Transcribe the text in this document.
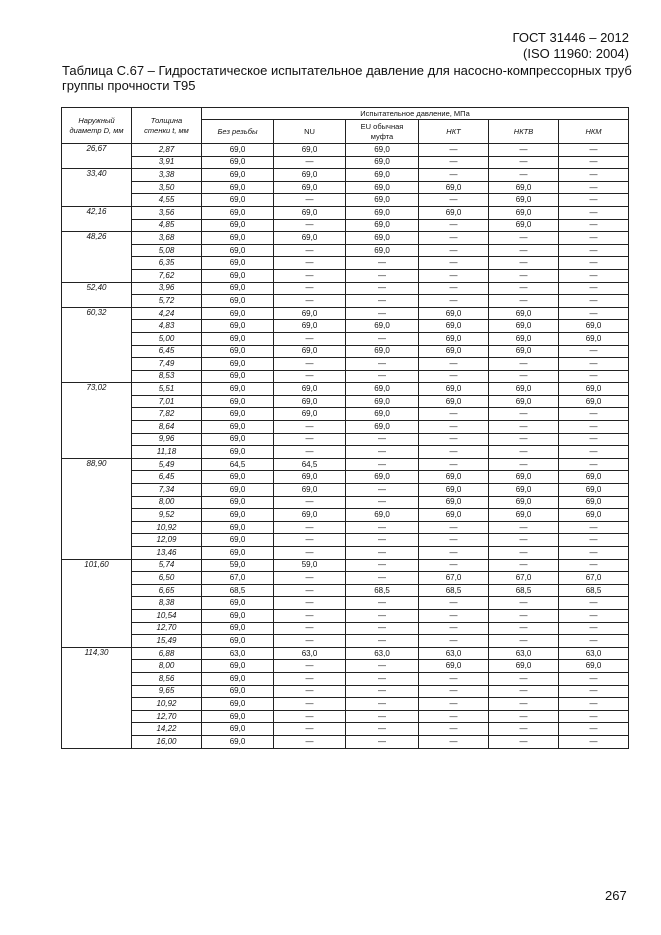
ГОСТ 31446 – 2012
(ISO 11960: 2004)
Таблица С.67 – Гидростатическое испытательное давление для насосно-компрессорных труб группы прочности Т95
Наружный диаметр D, мм	Толщина стенки t, мм	Испытательное давление, МПа					
		Без резьбы	NU	EU обычная муфта	НКТ	НКТВ	НКМ
26,67	2,87	69,0	69,0	69,0	—	—	—
	3,91	69,0	—	69,0	—	—	—
33,40	3,38	69,0	69,0	69,0	—	—	—
	3,50	69,0	69,0	69,0	69,0	69,0	—
	4,55	69,0	—	69,0	—	69,0	—
42,16	3,56	69,0	69,0	69,0	69,0	69,0	—
	4,85	69,0	—	69,0	—	69,0	—
48,26	3,68	69,0	69,0	69,0	—	—	—
	5,08	69,0	—	69,0	—	—	—
	6,35	69,0	—	—	—	—	—
	7,62	69,0	—	—	—	—	—
52,40	3,96	69,0	—	—	—	—	—
	5,72	69,0	—	—	—	—	—
60,32	4,24	69,0	69,0	—	69,0	69,0	—
	4,83	69,0	69,0	69,0	69,0	69,0	69,0
	5,00	69,0	—	—	69,0	69,0	69,0
	6,45	69,0	69,0	69,0	69,0	69,0	—
	7,49	69,0	—	—	—	—	—
	8,53	69,0	—	—	—	—	—
73,02	5,51	69,0	69,0	69,0	69,0	69,0	69,0
	7,01	69,0	69,0	69,0	69,0	69,0	69,0
	7,82	69,0	69,0	69,0	—	—	—
	8,64	69,0	—	69,0	—	—	—
	9,96	69,0	—	—	—	—	—
	11,18	69,0	—	—	—	—	—
88,90	5,49	64,5	64,5	—	—	—	—
	6,45	69,0	69,0	69,0	69,0	69,0	69,0
	7,34	69,0	69,0	—	69,0	69,0	69,0
	8,00	69,0	—	—	69,0	69,0	69,0
	9,52	69,0	69,0	69,0	69,0	69,0	69,0
	10,92	69,0	—	—	—	—	—
	12,09	69,0	—	—	—	—	—
	13,46	69,0	—	—	—	—	—
101,60	5,74	59,0	59,0	—	—	—	—
	6,50	67,0	—	—	67,0	67,0	67,0
	6,65	68,5	—	68,5	68,5	68,5	68,5
	8,38	69,0	—	—	—	—	—
	10,54	69,0	—	—	—	—	—
	12,70	69,0	—	—	—	—	—
	15,49	69,0	—	—	—	—	—
114,30	6,88	63,0	63,0	63,0	63,0	63,0	63,0
	8,00	69,0	—	—	69,0	69,0	69,0
	8,56	69,0	—	—	—	—	—
	9,65	69,0	—	—	—	—	—
	10,92	69,0	—	—	—	—	—
	12,70	69,0	—	—	—	—	—
	14,22	69,0	—	—	—	—	—
	16,00	69,0	—	—	—	—	—
267
